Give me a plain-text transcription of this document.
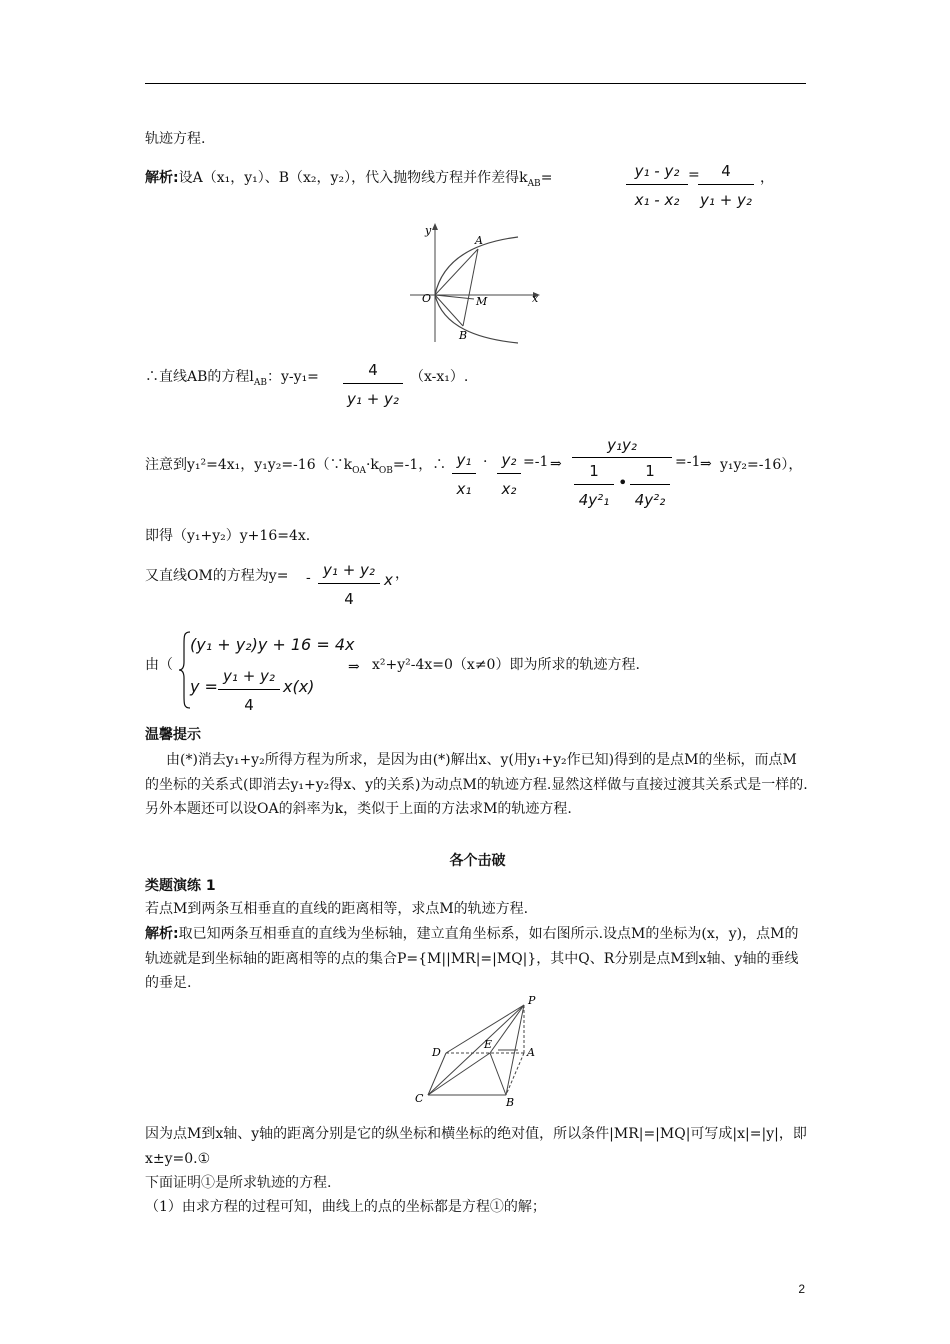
轨迹方程.
解析:设A（x₁，y₁）、B（x₂，y₂），代入抛物线方程并作差得$k_{AB}=$	$\frac{\text{y₁ - y₂}}{\text{x₁ - x₂}}$ =
$\frac{4}{\text{y₁ + y₂}}$ ，
y
A
O	M	x
B
∴直线AB的方程$l_{AB}$：$y-y_1= \frac{4}{\text{y₁ + y₂}} (x-x_1)$.
注意到y₁²=4x₁，$y_1y_2=-16(\because k_{OA}\cdot k_{OB}=-1$，∴ $\frac{\text{y₁}}{\text{x₁}} \cdot \frac{\text{y₂}}{\text{x₂}} =-1$ ⇒
y₁y₂
$\frac{1}{\text{4y²₁}}$ • $\frac{1}{\text{4y²₂}} =-1$ ⇒ y₁y₂=-16），
即得（y₁+y₂）y+16=4x.
又直线OM的方程为$y= - \frac{\text{y₁ + y₂}}{4}$ x ，
由（
(y₁ + y₂)y + 16 = 4x
$y = \frac{\text{y₁ + y₂}}{4} x(x)$
⇒ x²+y²-4x=0（x≠0）即为所求的轨迹方程.
温馨提示
由(*)消去y₁+y₂所得方程为所求，是因为由(*)解出x、y(用y₁+y₂作已知)得到的是点M的坐标，而点M的坐标的关系式(即消去y₁+y₂得x、y的关系)为动点M的轨迹方程.显然这样做与直接过渡其关系式是一样的.另外本题还可以设OA的斜率为k，类似于上面的方法求M的轨迹方程.
各个击破
类题演练 1
若点M到两条互相垂直的直线的距离相等，求点M的轨迹方程.
解析:取已知两条互相垂直的直线为坐标轴，建立直角坐标系，如右图所示.设点M的坐标为(x，y)，点M的轨迹就是到坐标轴的距离相等的点的集合P={M||MR|=|MQ|}，其中Q、R分别是点M到x轴、y轴的垂线的垂足.
P
D
E
A
C	B
因为点M到x轴、y轴的距离分别是它的纵坐标和横坐标的绝对值，所以条件|MR|=|MQ|可写成|x|=|y|，即x±y=0.①
下面证明①是所求轨迹的方程.
（1）由求方程的过程可知，曲线上的点的坐标都是方程①的解；
2
